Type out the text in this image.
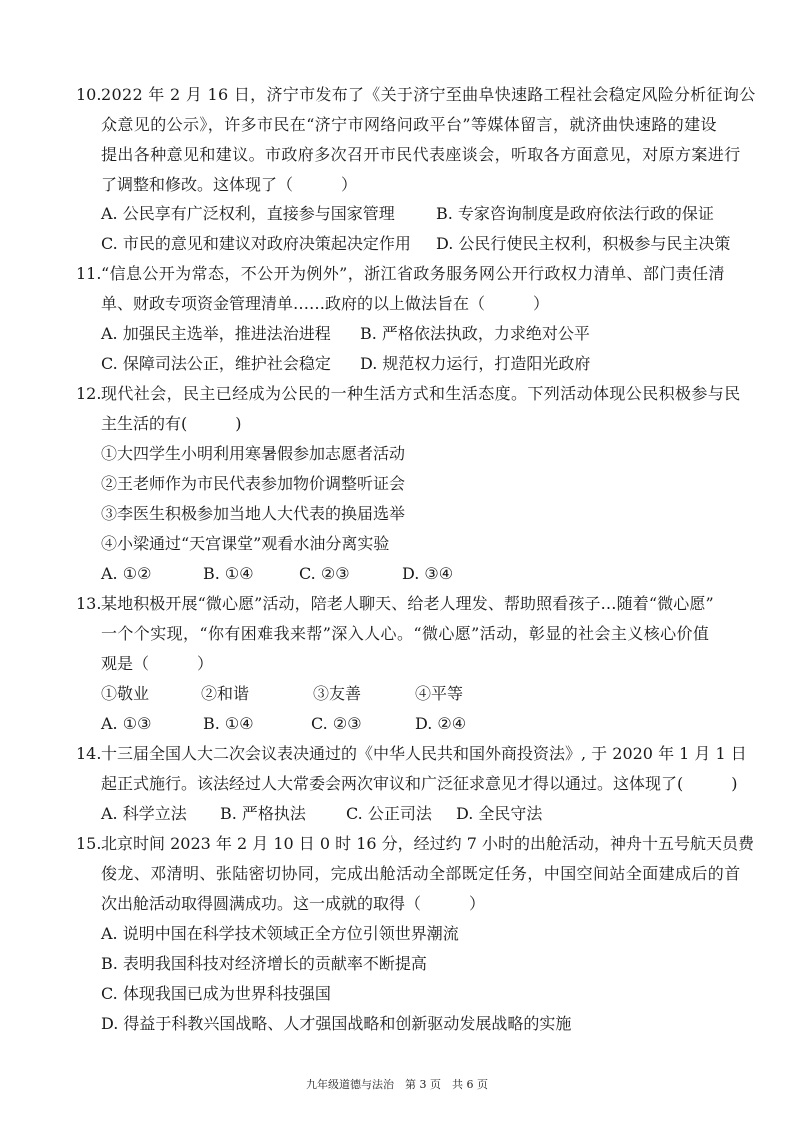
10. 2022 年 2 月 16 日，济宁市发布了《关于济宁至曲阜快速路工程社会稳定风险分析征询公
众意见的公示》，许多市民在“济宁市网络问政平台”等媒体留言，就济曲快速路的建设
提出各种意见和建议。市政府多次召开市民代表座谈会，听取各方面意见，对原方案进行
了调整和修改。这体现了（　　　）
A. 公民享有广泛权利，直接参与国家管理	B. 专家咨询制度是政府依法行政的保证
C. 市民的意见和建议对政府决策起决定作用 D. 公民行使民主权利，积极参与民主决策
11. “信息公开为常态，不公开为例外”，浙江省政务服务网公开行政权力清单、部门责任清
单、财政专项资金管理清单……政府的以上做法旨在（　　　）
A. 加强民主选举，推进法治进程 B. 严格依法执政，力求绝对公平
C. 保障司法公正，维护社会稳定 D. 规范权力运行，打造阳光政府
12. 现代社会，民主已经成为公民的一种生活方式和生活态度。下列活动体现公民积极参与民
主生活的有(　　　)
①大四学生小明利用寒暑假参加志愿者活动
②王老师作为市民代表参加物价调整听证会
③李医生积极参加当地人大代表的换届选举
④小梁通过“天宫课堂”观看水油分离实验
A. ①②	B. ①④	C. ②③	D. ③④
13. 某地积极开展“微心愿”活动，陪老人聊天、给老人理发、帮助照看孩子…随着“微心愿”
一个个实现，“你有困难我来帮”深入人心。“微心愿”活动，彰显的社会主义核心价值
观是（　　　）
①敬业	②和谐	③友善	④平等
A. ①③	B. ①④	C. ②③	D. ②④
14. 十三届全国人大二次会议表决通过的《中华人民共和国外商投资法》, 于 2020 年 1 月 1 日
起正式施行。该法经过人大常委会两次审议和广泛征求意见才得以通过。这体现了(　　　)
A. 科学立法 B. 严格执法	C. 公正司法 D. 全民守法
15. 北京时间 2023 年 2 月 10 日 0 时 16 分，经过约 7 小时的出舱活动，神舟十五号航天员费
俊龙、邓清明、张陆密切协同，完成出舱活动全部既定任务，中国空间站全面建成后的首
次出舱活动取得圆满成功。这一成就的取得（　　　）
A. 说明中国在科学技术领域正全方位引领世界潮流
B. 表明我国科技对经济增长的贡献率不断提高
C. 体现我国已成为世界科技强国
D. 得益于科教兴国战略、人才强国战略和创新驱动发展战略的实施
九年级道德与法治　第 3 页　共 6 页
